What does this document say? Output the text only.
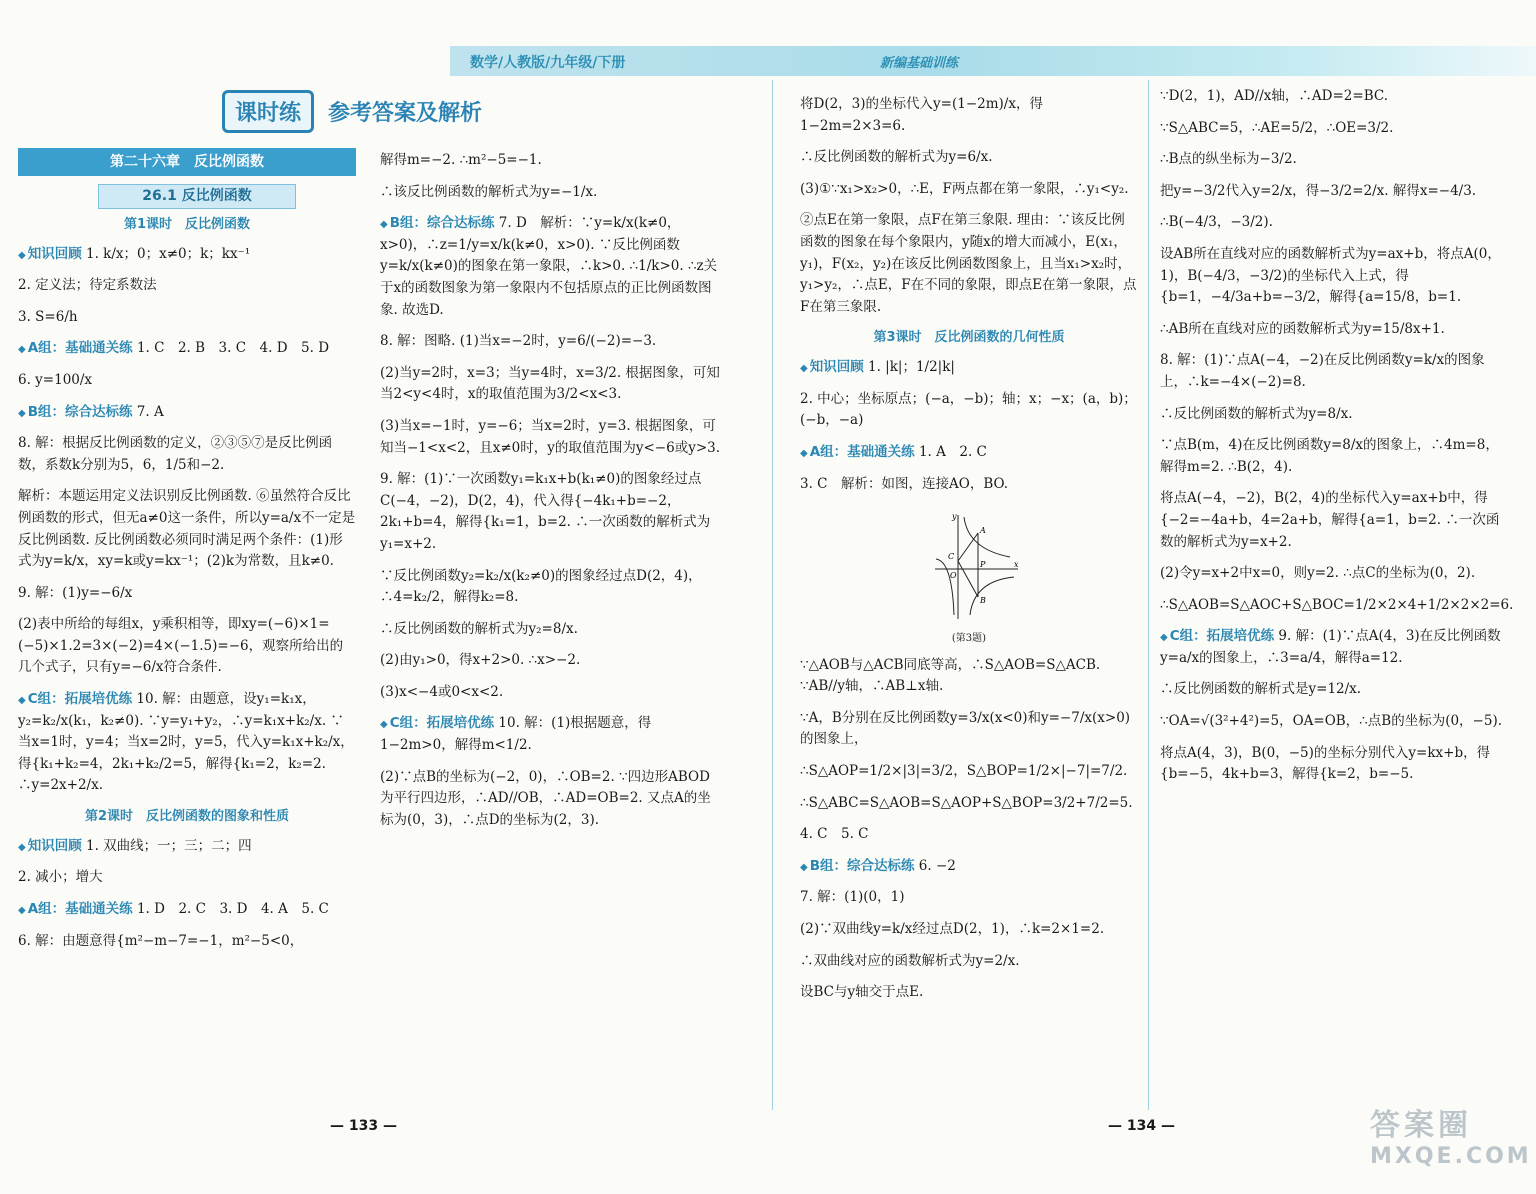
数学/人教版/九年级/下册	新编基础训练
课时练	参考答案及解析
第二十六章　反比例函数
26.1 反比例函数
第1课时　反比例函数

◆ 知识回顾 1. k/x；0；x≠0；k；kx⁻¹

2. 定义法；待定系数法

3. S=6/h

◆ A组：基础通关练 1. C　2. B　3. C　4. D　5. D

6. y=100/x

◆ B组：综合达标练 7. A

8. 解：根据反比例函数的定义，②③⑤⑦是反比例函数，系数k分别为5，6，1/5和−2.

解析：本题运用定义法识别反比例函数. ⑥虽然符合反比例函数的形式，但无a≠0这一条件，所以y=a/x不一定是反比例函数. 反比例函数必须同时满足两个条件：(1)形式为y=k/x，xy=k或y=kx⁻¹；(2)k为常数，且k≠0.

9. 解：(1)y=−6/x

(2)表中所给的每组x，y乘积相等，即xy=(−6)×1=(−5)×1.2=3×(−2)=4×(−1.5)=−6，观察所给出的几个式子，只有y=−6/x符合条件.

◆ C组：拓展培优练 10. 解：由题意，设y₁=k₁x，y₂=k₂/x(k₁，k₂≠0). ∵y=y₁+y₂，∴y=k₁x+k₂/x. ∵当x=1时，y=4；当x=2时，y=5，代入y=k₁x+k₂/x，得{k₁+k₂=4，2k₁+k₂/2=5，解得{k₁=2，k₂=2. ∴y=2x+2/x.

第2课时　反比例函数的图象和性质

◆ 知识回顾 1. 双曲线；一；三；二；四

2. 减小；增大

◆ A组：基础通关练 1. D　2. C　3. D　4. A　5. C

6. 解：由题意得{m²−m−7=−1，m²−5<0，

解得m=−2. ∴m²−5=−1.

∴该反比例函数的解析式为y=−1/x.

◆ B组：综合达标练 7. D　解析：∵y=k/x(k≠0，x>0)，∴z=1/y=x/k(k≠0，x>0). ∵反比例函数y=k/x(k≠0)的图象在第一象限，∴k>0. ∴1/k>0. ∴z关于x的函数图象为第一象限内不包括原点的正比例函数图象. 故选D.

8. 解：图略. (1)当x=−2时，y=6/(−2)=−3.

(2)当y=2时，x=3；当y=4时，x=3/2. 根据图象，可知当2<y<4时，x的取值范围为3/2<x<3.

(3)当x=−1时，y=−6；当x=2时，y=3. 根据图象，可知当−1<x<2，且x≠0时，y的取值范围为y<−6或y>3.

9. 解：(1)∵一次函数y₁=k₁x+b(k₁≠0)的图象经过点C(−4，−2)，D(2，4)，代入得{−4k₁+b=−2，2k₁+b=4，解得{k₁=1，b=2. ∴一次函数的解析式为y₁=x+2.

∵反比例函数y₂=k₂/x(k₂≠0)的图象经过点D(2，4)，∴4=k₂/2，解得k₂=8.

∴反比例函数的解析式为y₂=8/x.

(2)由y₁>0，得x+2>0. ∴x>−2.

(3)x<−4或0<x<2.

◆ C组：拓展培优练 10. 解：(1)根据题意，得1−2m>0，解得m<1/2.

(2)∵点B的坐标为(−2，0)，∴OB=2. ∵四边形ABOD为平行四边形，∴AD//OB，∴AD=OB=2. 又点A的坐标为(0，3)，∴点D的坐标为(2，3).

将D(2，3)的坐标代入y=(1−2m)/x，得1−2m=2×3=6.

∴反比例函数的解析式为y=6/x.

(3)①∵x₁>x₂>0，∴E，F两点都在第一象限，∴y₁<y₂.

②点E在第一象限，点F在第三象限. 理由：∵该反比例函数的图象在每个象限内，y随x的增大而减小，E(x₁，y₁)，F(x₂，y₂)在该反比例函数图象上，且当x₁>x₂时，y₁>y₂，∴点E，F在不同的象限，即点E在第一象限，点F在第三象限.

第3课时　反比例函数的几何性质

◆ 知识回顾 1. |k|；1/2|k|

2. 中心；坐标原点；(−a，−b)；轴；x；−x；(a，b)；(−b，−a)

◆ A组：基础通关练 1. A　2. C

3. C　解析：如图，连接AO，BO.

y
x
O
A
B
C
P
(第3题)

∵△AOB与△ACB同底等高，∴S△AOB=S△ACB. ∵AB//y轴，∴AB⊥x轴.

∵A，B分别在反比例函数y=3/x(x<0)和y=−7/x(x>0)的图象上，

∴S△AOP=1/2×|3|=3/2，S△BOP=1/2×|−7|=7/2.

∴S△ABC=S△AOB=S△AOP+S△BOP=3/2+7/2=5.

4. C　5. C

◆ B组：综合达标练 6. −2

7. 解：(1)(0，1)

(2)∵双曲线y=k/x经过点D(2，1)，∴k=2×1=2.

∴双曲线对应的函数解析式为y=2/x.

设BC与y轴交于点E.

∵D(2，1)，AD//x轴，∴AD=2=BC.

∵S△ABC=5，∴AE=5/2，∴OE=3/2.

∴B点的纵坐标为−3/2.

把y=−3/2代入y=2/x，得−3/2=2/x. 解得x=−4/3.

∴B(−4/3，−3/2).

设AB所在直线对应的函数解析式为y=ax+b，将点A(0，1)，B(−4/3，−3/2)的坐标代入上式，得{b=1，−4/3a+b=−3/2，解得{a=15/8，b=1.

∴AB所在直线对应的函数解析式为y=15/8x+1.

8. 解：(1)∵点A(−4，−2)在反比例函数y=k/x的图象上，∴k=−4×(−2)=8.

∴反比例函数的解析式为y=8/x.

∵点B(m，4)在反比例函数y=8/x的图象上，∴4m=8，解得m=2. ∴B(2，4).

将点A(−4，−2)，B(2，4)的坐标代入y=ax+b中，得{−2=−4a+b，4=2a+b，解得{a=1，b=2. ∴一次函数的解析式为y=x+2.

(2)令y=x+2中x=0，则y=2. ∴点C的坐标为(0，2).

∴S△AOB=S△AOC+S△BOC=1/2×2×4+1/2×2×2=6.

◆ C组：拓展培优练 9. 解：(1)∵点A(4，3)在反比例函数y=a/x的图象上，∴3=a/4，解得a=12.

∴反比例函数的解析式是y=12/x.

∵OA=√(3²+4²)=5，OA=OB，∴点B的坐标为(0，−5).

将点A(4，3)，B(0，−5)的坐标分别代入y=kx+b，得{b=−5，4k+b=3，解得{k=2，b=−5.

— 133 —	— 134 —	答案圈
MXQE.COM
